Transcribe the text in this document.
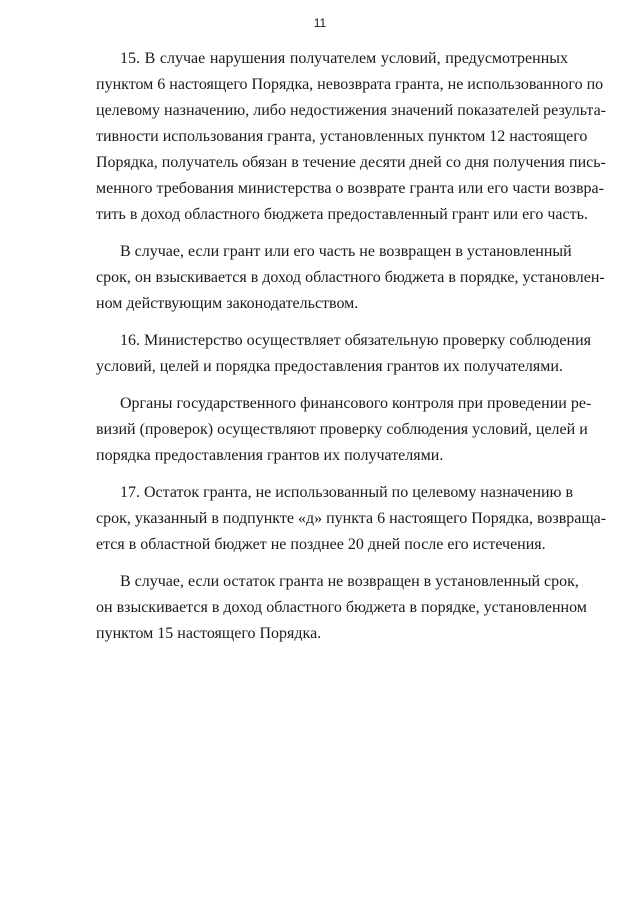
11
15. В случае нарушения получателем условий, предусмотренных
пунктом 6 настоящего Порядка, невозврата гранта, не использованного по
целевому назначению, либо недостижения значений показателей результа-
тивности использования гранта, установленных пунктом 12 настоящего
Порядка, получатель обязан в течение десяти дней со дня получения пись-
менного требования министерства о возврате гранта или его части возвра-
тить в доход областного бюджета предоставленный грант или его часть.
В случае, если грант или его часть не возвращен в установленный
срок, он взыскивается в доход областного бюджета в порядке, установлен-
ном действующим законодательством.
16. Министерство осуществляет обязательную проверку соблюдения
условий, целей и порядка предоставления грантов их получателями.
Органы государственного финансового контроля при проведении ре-
визий (проверок) осуществляют проверку соблюдения условий, целей и
порядка предоставления грантов их получателями.
17. Остаток гранта, не использованный по целевому назначению в
срок, указанный в подпункте «д» пункта 6 настоящего Порядка, возвраща-
ется в областной бюджет не позднее 20 дней после его истечения.
В случае, если остаток гранта не возвращен в установленный срок,
он взыскивается в доход областного бюджета в порядке, установленном
пунктом 15 настоящего Порядка.
